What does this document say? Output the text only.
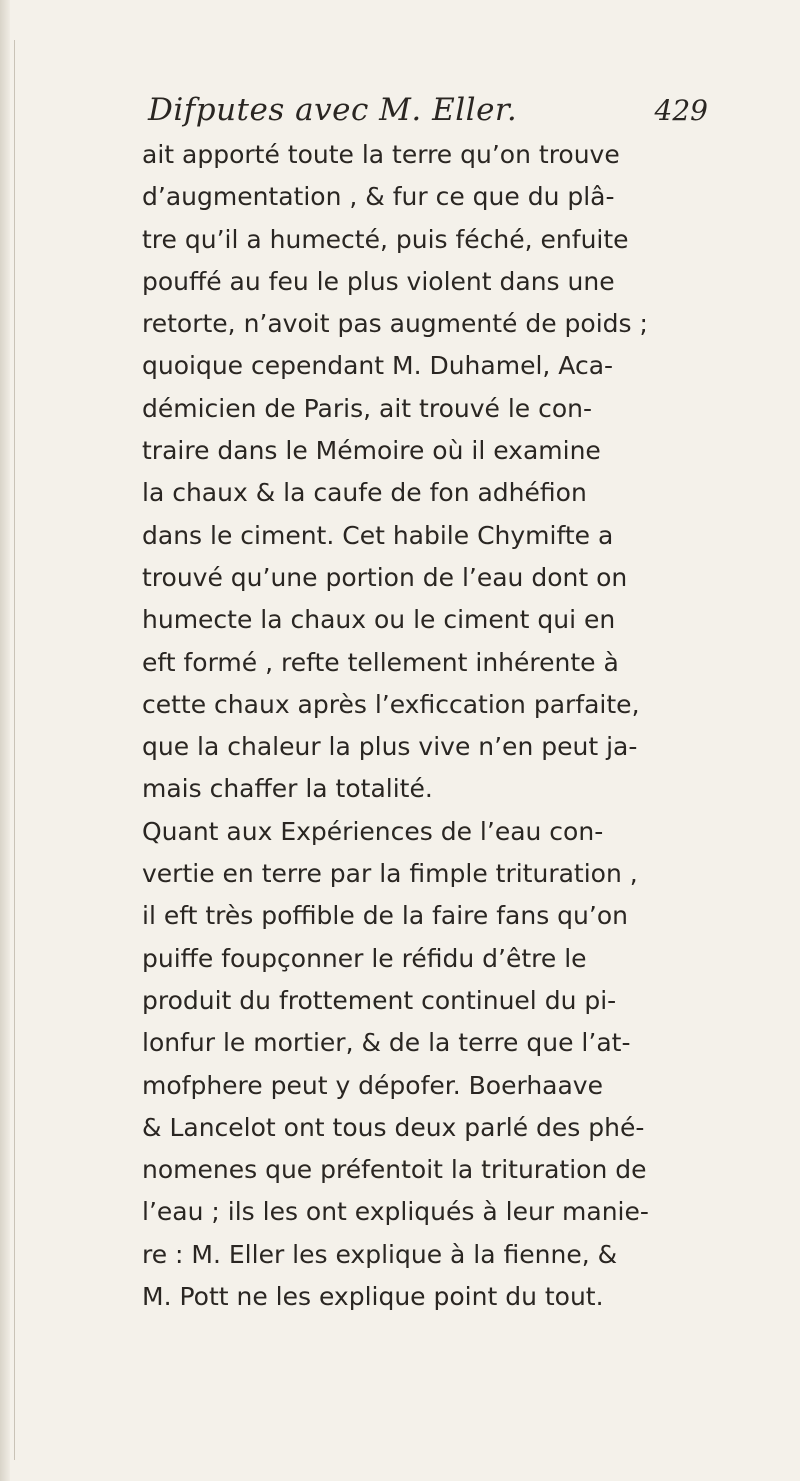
Difputes avec M. Eller.	429
ait apporté toute la terre qu’on trouve
d’augmentation , & fur ce que du plâ-
tre qu’il a humecté, puis féché, enfuite
pouffé au feu le plus violent dans une
retorte, n’avoit pas augmenté de poids ;
quoique cependant M. Duhamel, Aca-
démicien de Paris, ait trouvé le con-
traire dans le Mémoire où il examine
la chaux & la caufe de fon adhéfion
dans le ciment. Cet habile Chymifte a
trouvé qu’une portion de l’eau dont on
humecte la chaux ou le ciment qui en
eft formé , refte tellement inhérente à
cette chaux après l’exficcation parfaite,
que la chaleur la plus vive n’en peut ja-
mais chaffer la totalité.
Quant aux Expériences de l’eau con-
vertie en terre par la fimple trituration ,
il eft très poffible de la faire fans qu’on
puiffe foupçonner le réfidu d’être le
produit du frottement continuel du pi-
lonfur le mortier, & de la terre que l’at-
mofphere peut y dépofer. Boerhaave
& Lancelot ont tous deux parlé des phé-
nomenes que préfentoit la trituration de
l’eau ; ils les ont expliqués à leur manie-
re : M. Eller les explique à la fienne, &
M. Pott ne les explique point du tout.
